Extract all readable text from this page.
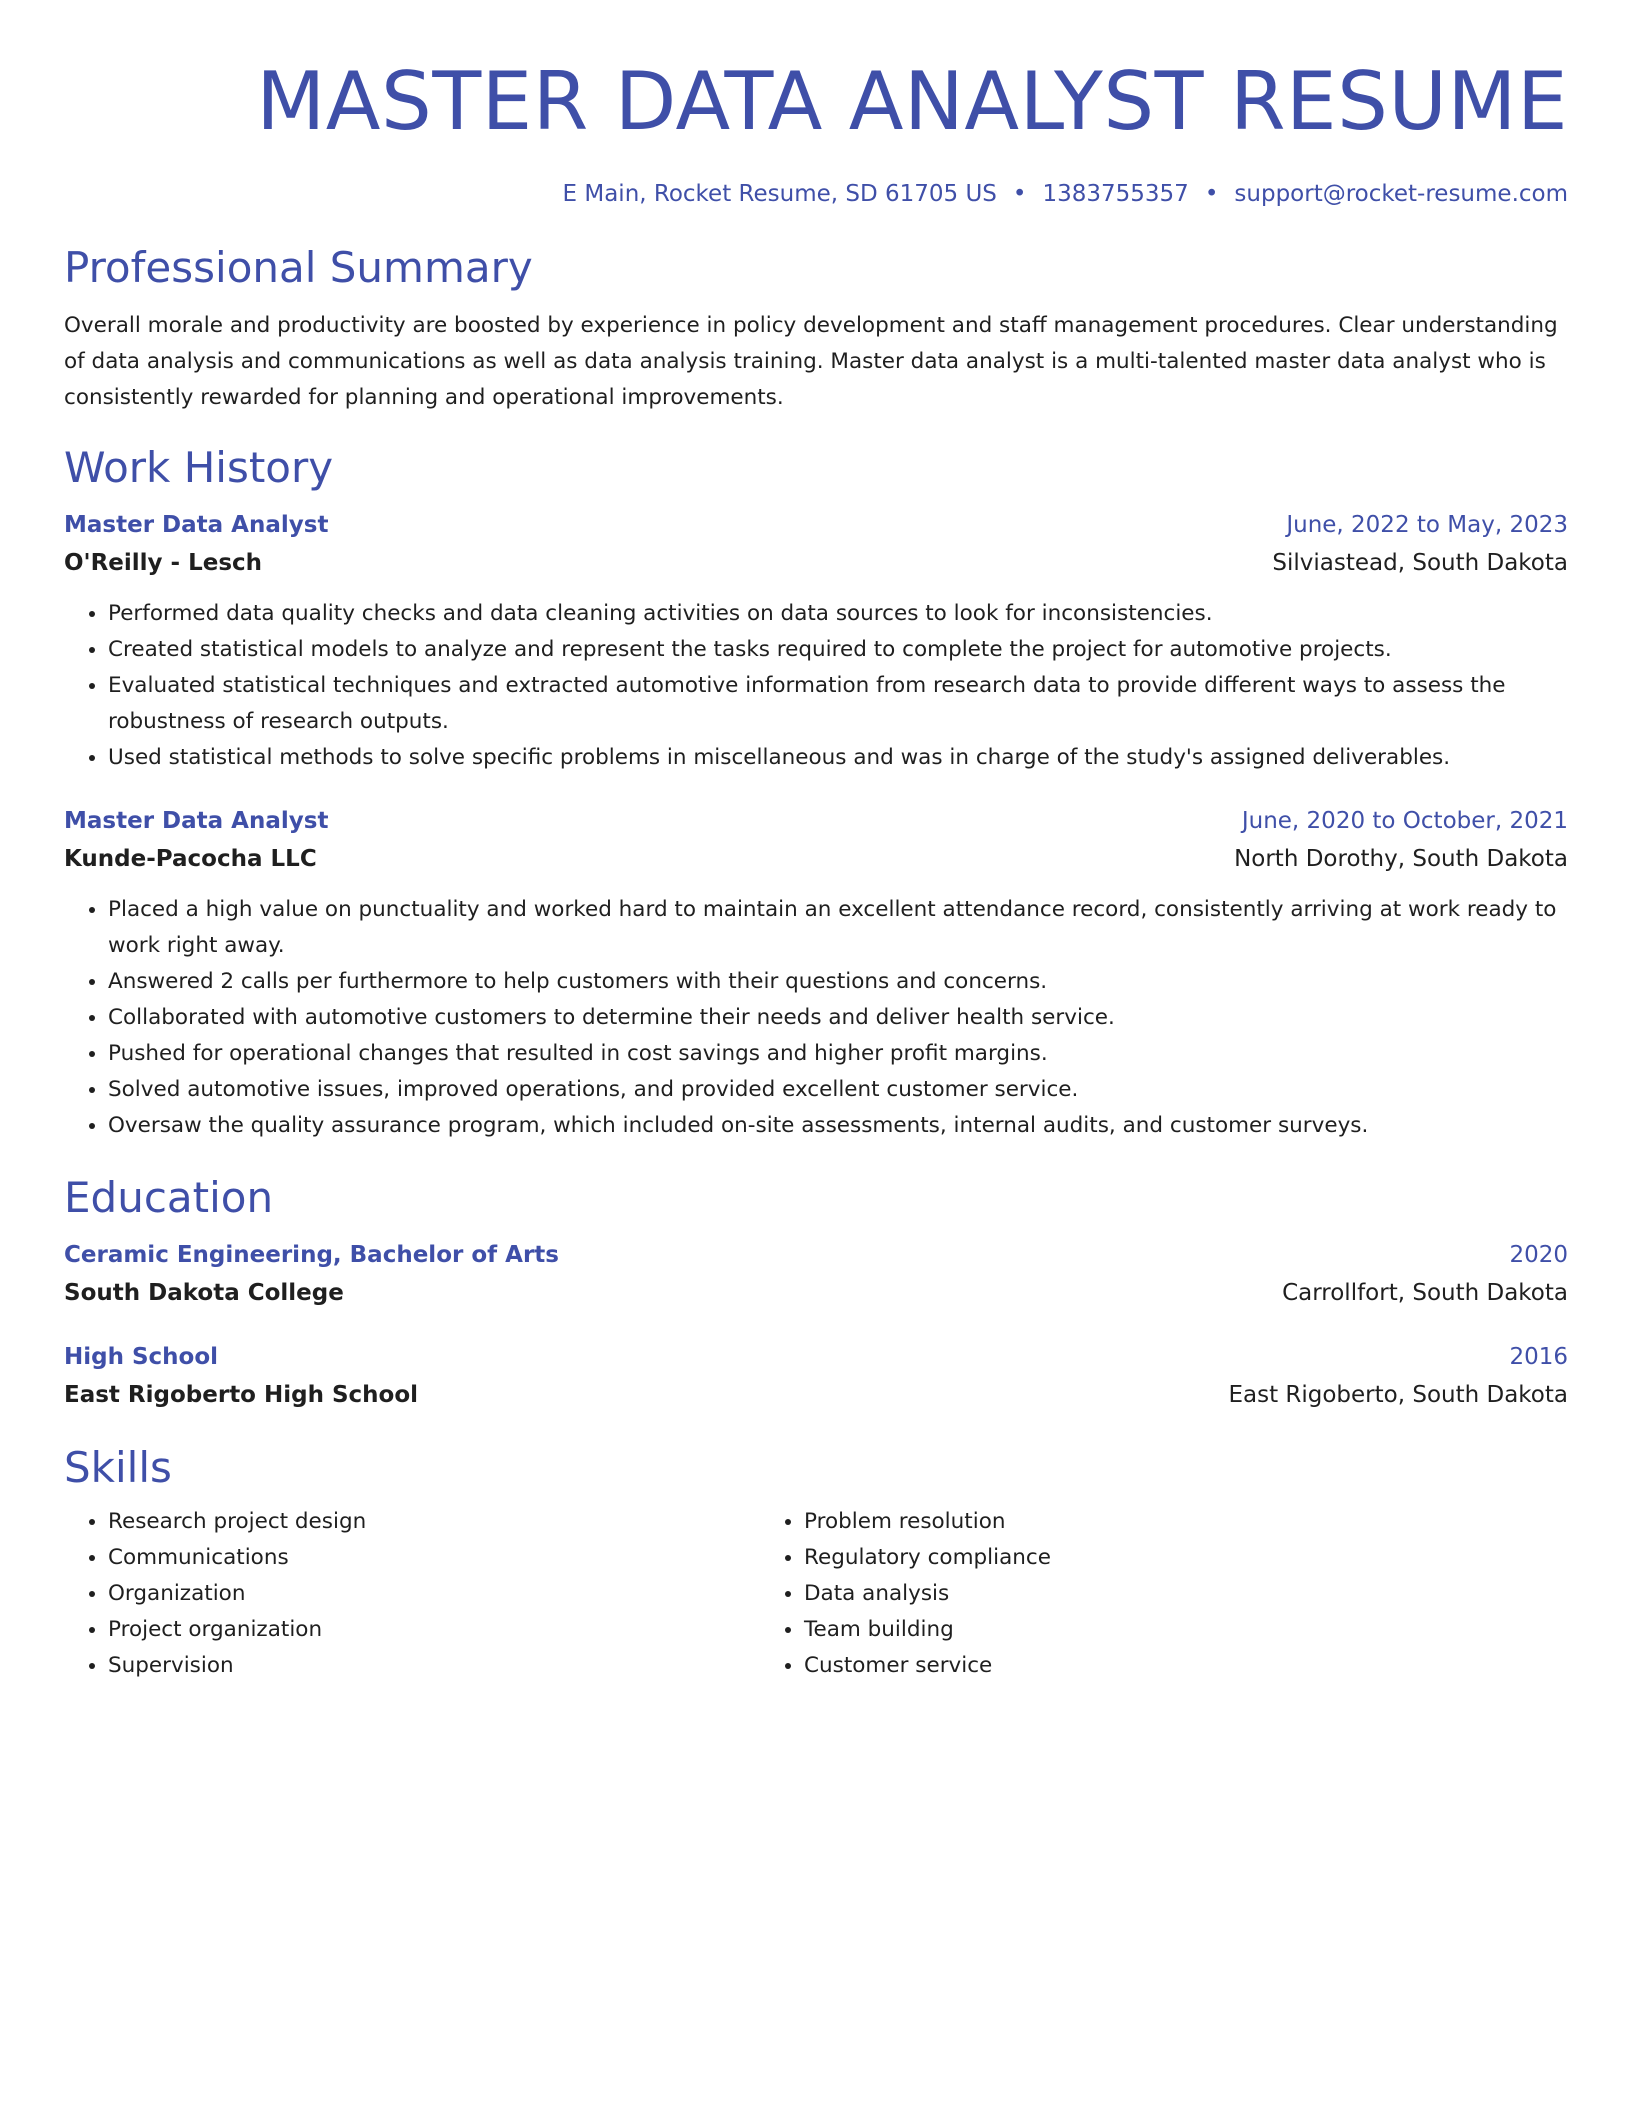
MASTER DATA ANALYST RESUME
E Main, Rocket Resume, SD 61705 US • 1383755357 • support@rocket-resume.com
Professional Summary
Overall morale and productivity are boosted by experience in policy development and staff management procedures. Clear understanding of data analysis and communications as well as data analysis training. Master data analyst is a multi-talented master data analyst who is consistently rewarded for planning and operational improvements.
Work History
Master Data Analyst	June, 2022 to May, 2023
O'Reilly - Lesch	Silviastead, South Dakota
• Performed data quality checks and data cleaning activities on data sources to look for inconsistencies.
• Created statistical models to analyze and represent the tasks required to complete the project for automotive projects.
• Evaluated statistical techniques and extracted automotive information from research data to provide different ways to assess the robustness of research outputs.
• Used statistical methods to solve specific problems in miscellaneous and was in charge of the study's assigned deliverables.
Master Data Analyst	June, 2020 to October, 2021
Kunde-Pacocha LLC	North Dorothy, South Dakota
• Placed a high value on punctuality and worked hard to maintain an excellent attendance record, consistently arriving at work ready to work right away.
• Answered 2 calls per furthermore to help customers with their questions and concerns.
• Collaborated with automotive customers to determine their needs and deliver health service.
• Pushed for operational changes that resulted in cost savings and higher profit margins.
• Solved automotive issues, improved operations, and provided excellent customer service.
• Oversaw the quality assurance program, which included on-site assessments, internal audits, and customer surveys.
Education
Ceramic Engineering, Bachelor of Arts	2020
South Dakota College	Carrollfort, South Dakota
High School	2016
East Rigoberto High School	East Rigoberto, South Dakota
Skills
• Research project design
• Communications
• Organization
• Project organization
• Supervision
• Problem resolution
• Regulatory compliance
• Data analysis
• Team building
• Customer service
